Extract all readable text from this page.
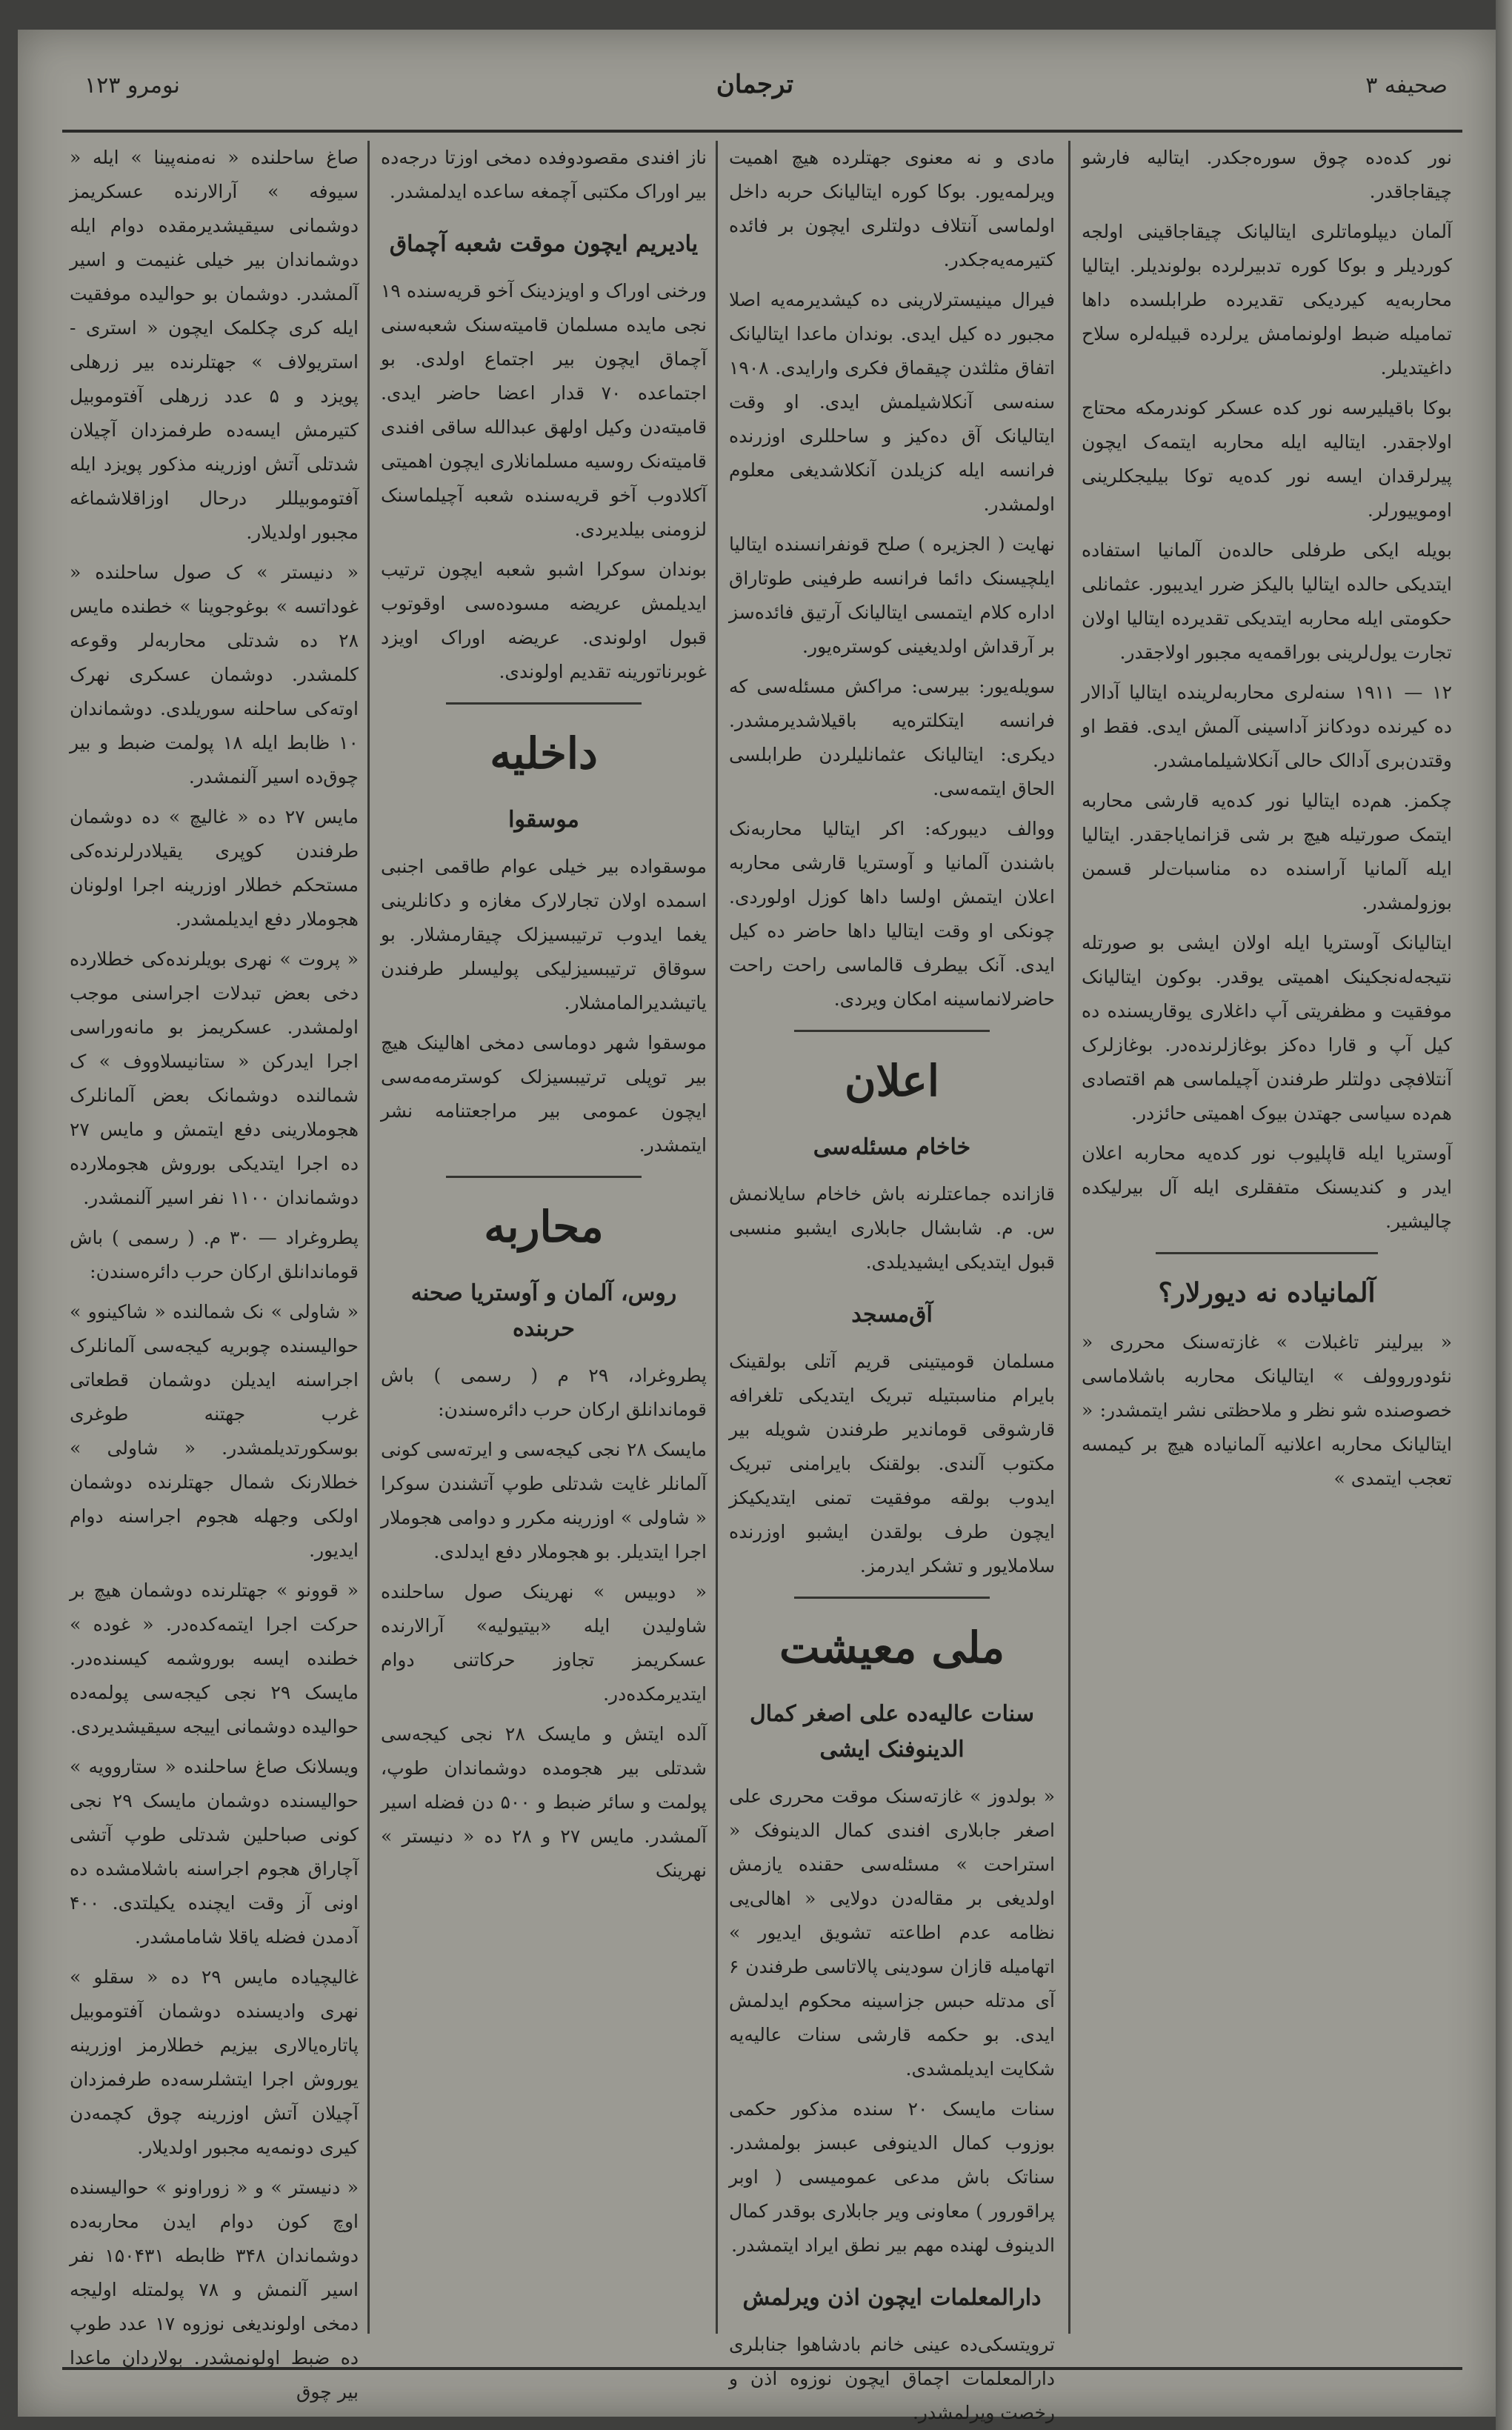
صحیفه ۳
ترجمان
نومرو ۱۲۳

نور کده‌ده چوق سوره‌جکدر. ایتالیه فارشو چیقاجاقدر.

آلمان دیپلوماتلری ایتالیانک چیقاجاقینی اولجه کوردیلر و بوکا کوره تدبیرلرده بولوندیلر. ایتالیا محاربه‌یه کیردیکی تقدیرده طرابلسده داها تمامیله ضبط اولونمامش یرلرده قبیله‌لره سلاح داغیتدیلر.

بوکا باقیلیرسه نور کده عسکر کوندرمکه محتاج اولاجقدر. ایتالیه ایله محاربه ایتمه‌ک ایچون پیرلرقدان ایسه نور کده‌یه توکا بیلیجکلرینی اوموییورلر.

بویله ایکی طرفلی حالده‌ن آلمانیا استفاده ایتدیکی حالده ایتالیا بالیکز ضرر ایدیبور. عثمانلی حکومتی ایله محاربه ایتدیکی تقدیرده ایتالیا اولان تجارت یول‌لرینی بوراقمه‌یه مجبور اولاجقدر.

۱۲ — ۱۹۱۱ سنه‌لری محاربه‌لرینده ایتالیا آدالار ده کیرنده دودکانز آداسینی آلمش ایدی. فقط او وقتدن‌بری آدالک حالی آنکلاشیلمامشدر.

چکمز. هم‌ده ایتالیا نور کده‌یه قارشی محاربه ایتمک صورتیله هیچ بر شی قزانمایاجقدر. ایتالیا ایله آلمانیا آراسنده ده مناسبات‌لر قسمن بوزولمشدر.

ایتالیانک آوستریا ایله اولان ایشی بو صورتله نتیجه‌له‌نجکینک اهمیتی یوقدر. بوکون ایتالیانک موفقیت و مظفریتی آپ داغلاری یوقاریسنده ده کیل آپ و قارا ده‌کز بوغازلرنده‌در. بوغازلرک آنتلافچی دولتلر طرفندن آچیلماسی هم اقتصادی هم‌ده سیاسی جهتدن بیوک اهمیتی حائزدر.

آوستریا ایله قاپلیوب نور کده‌یه محاربه اعلان ایدر و کندیسنک متفقلری ایله آل بیرلیکده چالیشیر.

آلمانیاده نه دیورلار؟

« بیرلینر تاغبلات » غازته‌سنک محرری « نئودوروولف » ایتالیانک محاربه باشلاماسی خصوصنده شو نظر و ملاحظتی نشر ایتمشدر: « ایتالیانک محاربه اعلانیه آلمانیاده هیچ بر کیمسه تعجب ایتمدی »

مادی و نه معنوی جهتلرده هیچ اهمیت ویرلمه‌یور. بوکا کوره ایتالیانک حربه داخل اولماسی آنتلاف دولتلری ایچون بر فائده کتیرمه‌یه‌جکدر.

فیرال مینیسترلارینی ده کیشدیرمه‌یه اصلا مجبور ده کیل ایدی. بوندان ماعدا ایتالیانک اتفاق مثلثدن چیقماق فکری وارایدی. ۱۹۰۸ سنه‌سی آنکلاشیلمش ایدی. او وقت ایتالیانک آق ده‌کیز و ساحللری اوزرنده فرانسه ایله کزیلدن آنکلاشدیغی معلوم اولمشدر.

نهایت ( الجزیره ) صلح قونفرانسنده ایتالیا ایلچیسنک دائما فرانسه طرفینی طوتاراق اداره کلام ایتمسی ایتالیانک آرتیق فائده‌سز بر آرقداش اولدیغینی کوستره‌یور.

سویله‌یور: بیرسی: مراکش مسئله‌سی که فرانسه ایتکلتره‌یه باقیلاشدیرمشدر. دیکری: ایتالیانک عثمانلیلردن طرابلسی الحاق ایتمه‌سی.

ووالف دیبورکه: اکر ایتالیا محاربه‌نک باشندن آلمانیا و آوستریا قارشی محاربه اعلان ایتمش اولسا داها کوزل اولوردی. چونکی او وقت ایتالیا داها حاضر ده کیل ایدی. آنک بیطرف قالماسی راحت راحت حاضرلانماسینه امکان ویردی.

اعلان
خاخام مسئله‌سی

قازانده جماعتلرنه باش خاخام سایلانمش س. م. شابشال جابلاری ایشبو منسبی قبول ایتدیکی ایشیدیلدی.

آق‌مسجد

مسلمان قومیتینی قریم آتلی بولقینک بایرام مناسبتیله تبریک ایتدیکی تلغرافه قارشوقی قوماندیر طرفندن شویله بیر مکتوب آلندی. بولقنک بایرامنی تبریک ایدوب بولقه موفقیت تمنی ایتدیکیکز ایچون طرف بولقدن ایشبو اوزرنده سلاملایور و تشکر ایدرمز.

ملی معیشت
سنات عالیه‌ده علی اصغر کمال الدینوفنک ایشی

« بولدوز » غازته‌سنک موقت محرری علی اصغر جابلاری افندی کمال الدینوفک « استراحت » مسئله‌سی حقنده یازمش اولدیغی بر مقاله‌دن دولایی « اهالی‌یی نظامه عدم اطاعته تشویق ایدیور » اتهامیله قازان سودینی پالاتاسی طرفندن ۶ آی مدتله حبس جزاسینه محکوم ایدلمش ایدی. بو حکمه قارشی سنات عالیه‌یه شکایت ایدیلمشدی.

سنات مایسک ۲۰ سنده مذکور حکمی بوزوب کمال الدینوفی عبسز بولمشدر. سناتک باش مدعی عمومیسی ( اوبر پراقورور ) معاونی ویر جابلاری بوقدر کمال الدینوف لهنده مهم بیر نطق ایراد ایتمشدر.

دارالمعلمات ایچون اذن ویرلمش

ترویتسکی‌ده عینی خانم بادشاهوا جنابلری دارالمعلمات آچماق ایچون نوزوه اذن و رخصت ویرلمشدر.

ناز افندی مقصودوفده دمخی اوزتا درجه‌ده بیر اوراک مکتبی آچمغه ساعده ایدلمشدر.

یادیریم ایچون موقت شعبه آچماق

ورخنی اوراک و اویزدینک آخو قریه‌سنده ۱۹ نجی مایده مسلمان قامیته‌سنک شعبه‌سنی آچماق ایچون بیر اجتماع اولدی. بو اجتماعده ۷۰ قدار اعضا حاضر ایدی. قامیته‌دن وکیل اولهق عبدالله ساقی افندی قامیته‌نک روسیه مسلمانلاری ایچون اهمیتی آکلادوب آخو قریه‌سنده شعبه آچیلماسنک لزومنی بیلدیردی.

بوندان سوکرا اشبو شعبه ایچون ترتیب ایدیلمش عریضه مسوده‌سی اوقوتوب قبول اولوندی. عریضه اوراک اویزد غوبرناتورینه تقدیم اولوندی.

داخلیه
موسقوا

موسقواده بیر خیلی عوام طاقمی اجنبی اسمده اولان تجارلارک مغازه و دکانلرینی یغما ایدوب ترتیبسیزلک چیقارمشلار. بو سوقاق ترتیبسیزلیکی پولیسلر طرفندن یاتیشدیرالمامشلار.

موسقوا شهر دوماسی دمخی اهالینک هیچ بیر توپلی ترتیبسیزلک کوسترمه‌مه‌سی ایچون عمومی بیر مراجعتنامه نشر ایتمشدر.

محاربه
روس، آلمان و آوستریا صحنه حربنده

پطروغراد، ۲۹ م ( رسمی ) باش قوماندانلق ارکان حرب دائره‌سندن:

مایسک ۲۸ نجی کیجه‌سی و ایرته‌سی کونی آلمانلر غایت شدتلی طوپ آتشندن سوکرا « شاولی » اوزرینه مکرر و دوامی هجوملار اجرا ایتدیلر. بو هجوملار دفع ایدلدی.

« دوبیس » نهرینک صول ساحلنده شاولیدن ایله «بیتیولیه» آرالارنده عسکریمز تجاوز حرکاتنی دوام ایتدیرمکده‌در.

آلده ایتش و مایسک ۲۸ نجی کیجه‌سی شدتلی بیر هجومده دوشماندان طوپ، پولمت و سائر ضبط و ۵۰۰ دن فضله اسیر آلمشدر. مایس ۲۷ و ۲۸ ده « دنیستر » نهرینک

صاغ ساحلنده « نه‌منه‌پینا » ایله « سیوفه » آرالارنده عسکریمز دوشمانی سیقیشدیرمقده دوام ایله دوشماندان بیر خیلی غنیمت و اسیر آلمشدر. دوشمان بو حوالیده موفقیت ایله کری چکلمک ایچون « استری - استریولاف » جهتلرنده بیر زرهلی پویزد و ۵ عدد زرهلی آفتوموبیل کتیرمش ایسه‌ده طرفمزدان آچیلان شدتلی آتش اوزرینه مذکور پویزد ایله آفتوموبیللر درحال اوزاقلاشماغه مجبور اولدیلار.

« دنیستر » ک صول ساحلنده « غوداتسه » بوغوجوینا » خطنده مایس ۲۸ ده شدتلی محاربه‌لر وقوعه کلمشدر. دوشمان عسکری نهرک اوته‌کی ساحلنه سوریلدی. دوشماندان ۱۰ ظابط ایله ۱۸ پولمت ضبط و بیر چوق‌ده اسیر آلنمشدر.

مایس ۲۷ ده « غالیچ » ده دوشمان طرفندن کوپری یقیلادرلرنده‌کی مستحکم خطلار اوزرینه اجرا اولونان هجوملار دفع ایدیلمشدر.

« پروت » نهری بویلرنده‌کی خطلارده دخی بعض تبدلات اجراسنی موجب اولمشدر. عسکریمز بو مانه‌وراسی اجرا ایدرکن « ستانیسلاووف » ک شمالنده دوشمانک بعض آلمانلرک هجوملارینی دفع ایتمش و مایس ۲۷ ده اجرا ایتدیکی بوروش هجوملارده دوشماندان ۱۱۰۰ نفر اسیر آلنمشدر.

پطروغراد — ۳۰ م. ( رسمی ) باش قوماندانلق ارکان حرب دائره‌سندن:

« شاولی » نک شمالنده « شاکینوو » حوالیسنده چوبریه کیجه‌سی آلمانلرک اجراسنه ایدیلن دوشمان قطعاتی غرب جهتنه طوغری بوسکورتدیلمشدر. « شاولی » خطلارنک شمال جهتلرنده دوشمان اولکی وجهله هجوم اجراسنه دوام ایدیور.

« قوونو » جهتلرنده دوشمان هیچ بر حرکت اجرا ایتمه‌کده‌در. « غوده » خطنده ایسه بوروشمه کیسنده‌در. مایسک ۲۹ نجی کیجه‌سی پولمه‌ده حوالیده دوشمانی اییجه سیقیشدیردی.

ویسلانک صاغ ساحلنده « ستاروویه » حوالیسنده دوشمان مایسک ۲۹ نجی کونی صباحلین شدتلی طوپ آتشی آچاراق هجوم اجراسنه باشلامشده ده اونی آز وقت ایچنده یکیلتدی. ۴۰۰ آدمدن فضله یاقلا شامامشدر.

غالیچیاده مایس ۲۹ ده « سقلو » نهری وادیسنده دوشمان آفتوموبیل پاتاره‌یالاری بیزیم خطلارمز اوزرینه یوروش اجرا ایتشلرسه‌ده طرفمزدان آچیلان آتش اوزرینه چوق کچمه‌دن کیری دونمه‌یه مجبور اولدیلار.

« دنیستر » و « زوراونو » حوالیسنده اوچ کون دوام ایدن محاربه‌ده دوشماندان ۳۴۸ ظابطه ۱۵۰۴۳۱ نفر اسیر آلنمش و ۷۸ پولمتله اولیجه دمخی اولوندیغی نوزوه ۱۷ عدد طوپ ده ضبط اولونمشدر. بولاردان ماعدا بیر چوق
